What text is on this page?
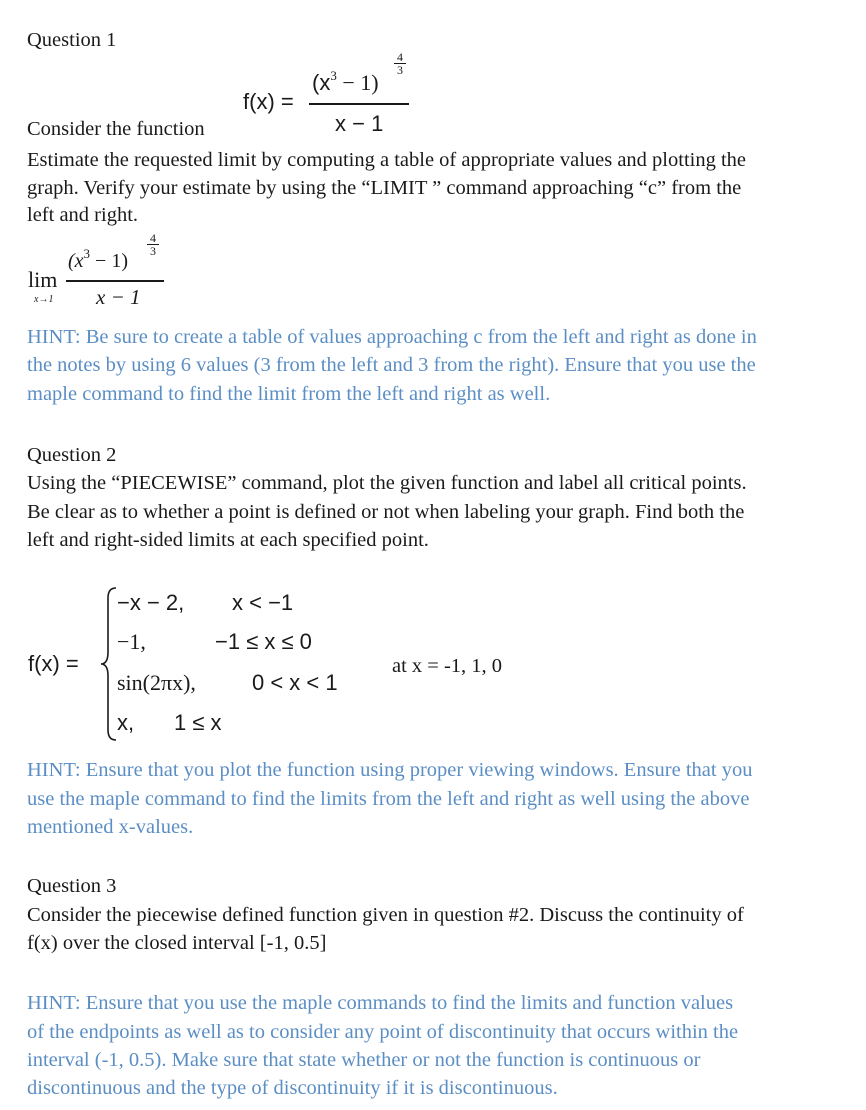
Question 1
f(x) =
$(x^3 - 1)$
4
3
x − 1
Consider the function
Estimate the requested limit by computing a table of appropriate values and plotting the
graph. Verify your estimate by using the “LIMIT ” command approaching “c” from the
left and right.
lim
x→1
$(x^3 - 1)$
4
3
x − 1
HINT: Be sure to create a table of values approaching c from the left and right as done in
the notes by using 6 values (3 from the left and 3 from the right). Ensure that you use the
maple command to find the limit from the left and right as well.
Question 2
Using the “PIECEWISE” command, plot the given function and label all critical points.
Be clear as to whether a point is defined or not when labeling your graph. Find both the
left and right-sided limits at each specified point.
f(x) =
−x − 2, x < −1
−1,	−1 ≤ x ≤ 0
sin(2πx),	0 < x < 1
x, 1 ≤ x
at x = -1, 1, 0
HINT: Ensure that you plot the function using proper viewing windows. Ensure that you
use the maple command to find the limits from the left and right as well using the above
mentioned x-values.
Question 3
Consider the piecewise defined function given in question #2. Discuss the continuity of
f(x) over the closed interval [-1, 0.5]
HINT: Ensure that you use the maple commands to find the limits and function values
of the endpoints as well as to consider any point of discontinuity that occurs within the
interval (-1, 0.5). Make sure that state whether or not the function is continuous or
discontinuous and the type of discontinuity if it is discontinuous.
